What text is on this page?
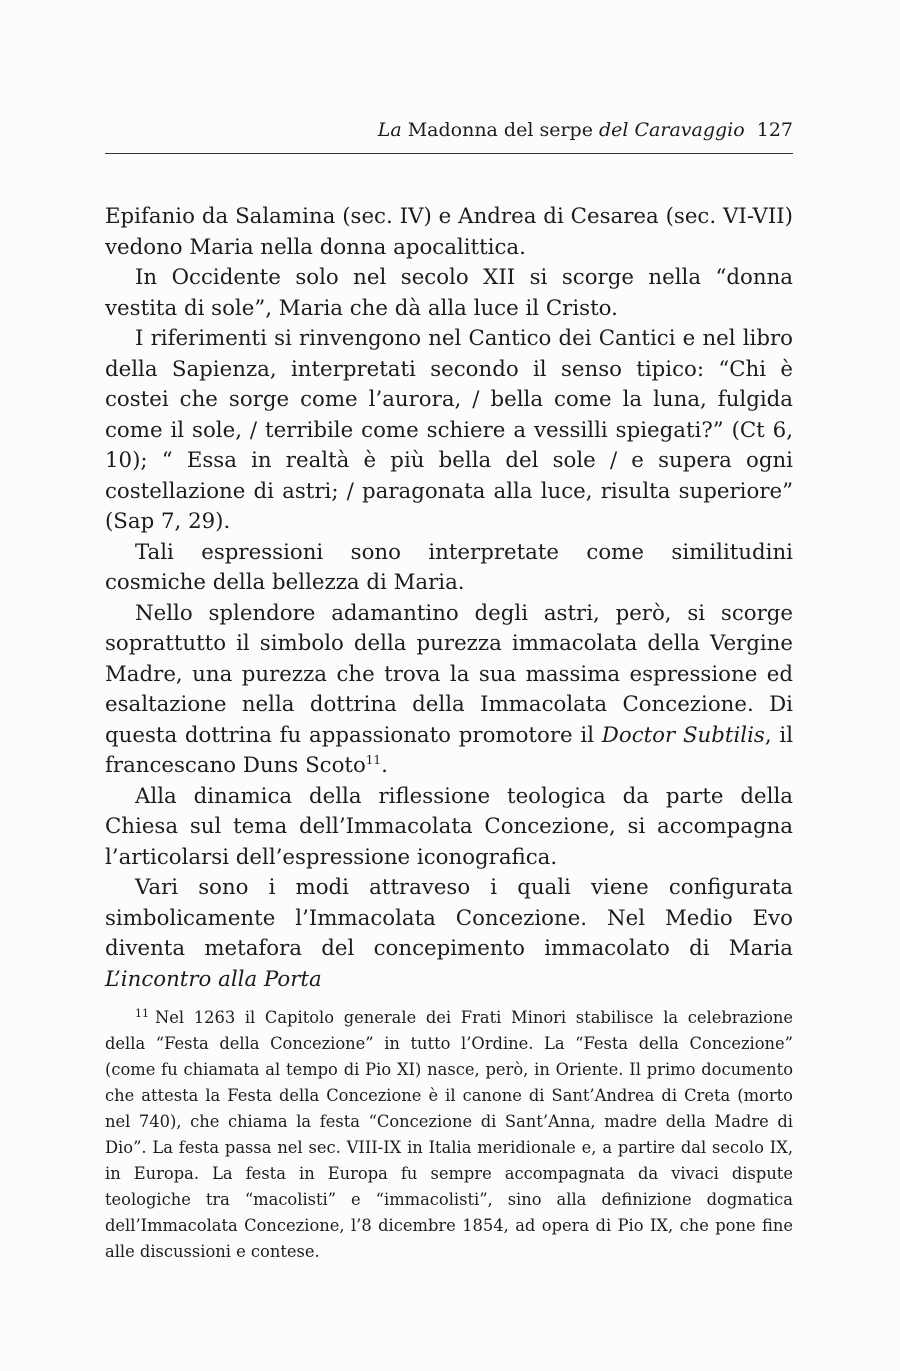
La Madonna del serpe del Caravaggio 127

Epifanio da Salamina (sec. IV) e Andrea di Cesarea (sec. VI-VII) vedono Maria nella donna apocalittica.

In Occidente solo nel secolo XII si scorge nella “donna vestita di sole”, Maria che dà alla luce il Cristo.

I riferimenti si rinvengono nel Cantico dei Cantici e nel libro della Sapienza, interpretati secondo il senso tipico: “Chi è costei che sorge come l’aurora, / bella come la luna, fulgida come il sole, / terribile come schiere a vessilli spiegati?” (Ct 6, 10); “ Essa in realtà è più bella del sole / e supera ogni costellazione di astri; / paragonata alla luce, risulta superiore” (Sap 7, 29).

Tali espressioni sono interpretate come similitudini cosmiche della bellezza di Maria.

Nello splendore adamantino degli astri, però, si scorge soprattutto il simbolo della purezza immacolata della Vergine Madre, una purezza che trova la sua massima espressione ed esaltazione nella dottrina della Immacolata Concezione. Di questa dottrina fu appassionato promotore il Doctor Subtilis, il francescano Duns Scoto$^{11}$.

Alla dinamica della riflessione teologica da parte della Chiesa sul tema dell’Immacolata Concezione, si accompagna l’articolarsi dell’espressione iconografica.

Vari sono i modi attraveso i quali viene configurata simbolicamente l’Immacolata Concezione. Nel Medio Evo diventa metafora del concepimento immacolato di Maria L’incontro alla Porta

$^{11}$ Nel 1263 il Capitolo generale dei Frati Minori stabilisce la celebrazione della “Festa della Concezione” in tutto l’Ordine. La “Festa della Concezione” (come fu chiamata al tempo di Pio XI) nasce, però, in Oriente. Il primo documento che attesta la Festa della Concezione è il canone di Sant’Andrea di Creta (morto nel 740), che chiama la festa “Concezione di Sant’Anna, madre della Madre di Dio”. La festa passa nel sec. VIII-IX in Italia meridionale e, a partire dal secolo IX, in Europa. La festa in Europa fu sempre accompagnata da vivaci dispute teologiche tra “macolisti” e “immacolisti”, sino alla definizione dogmatica dell’Immacolata Concezione, l’8 dicembre 1854, ad opera di Pio IX, che pone fine alle discussioni e contese.
